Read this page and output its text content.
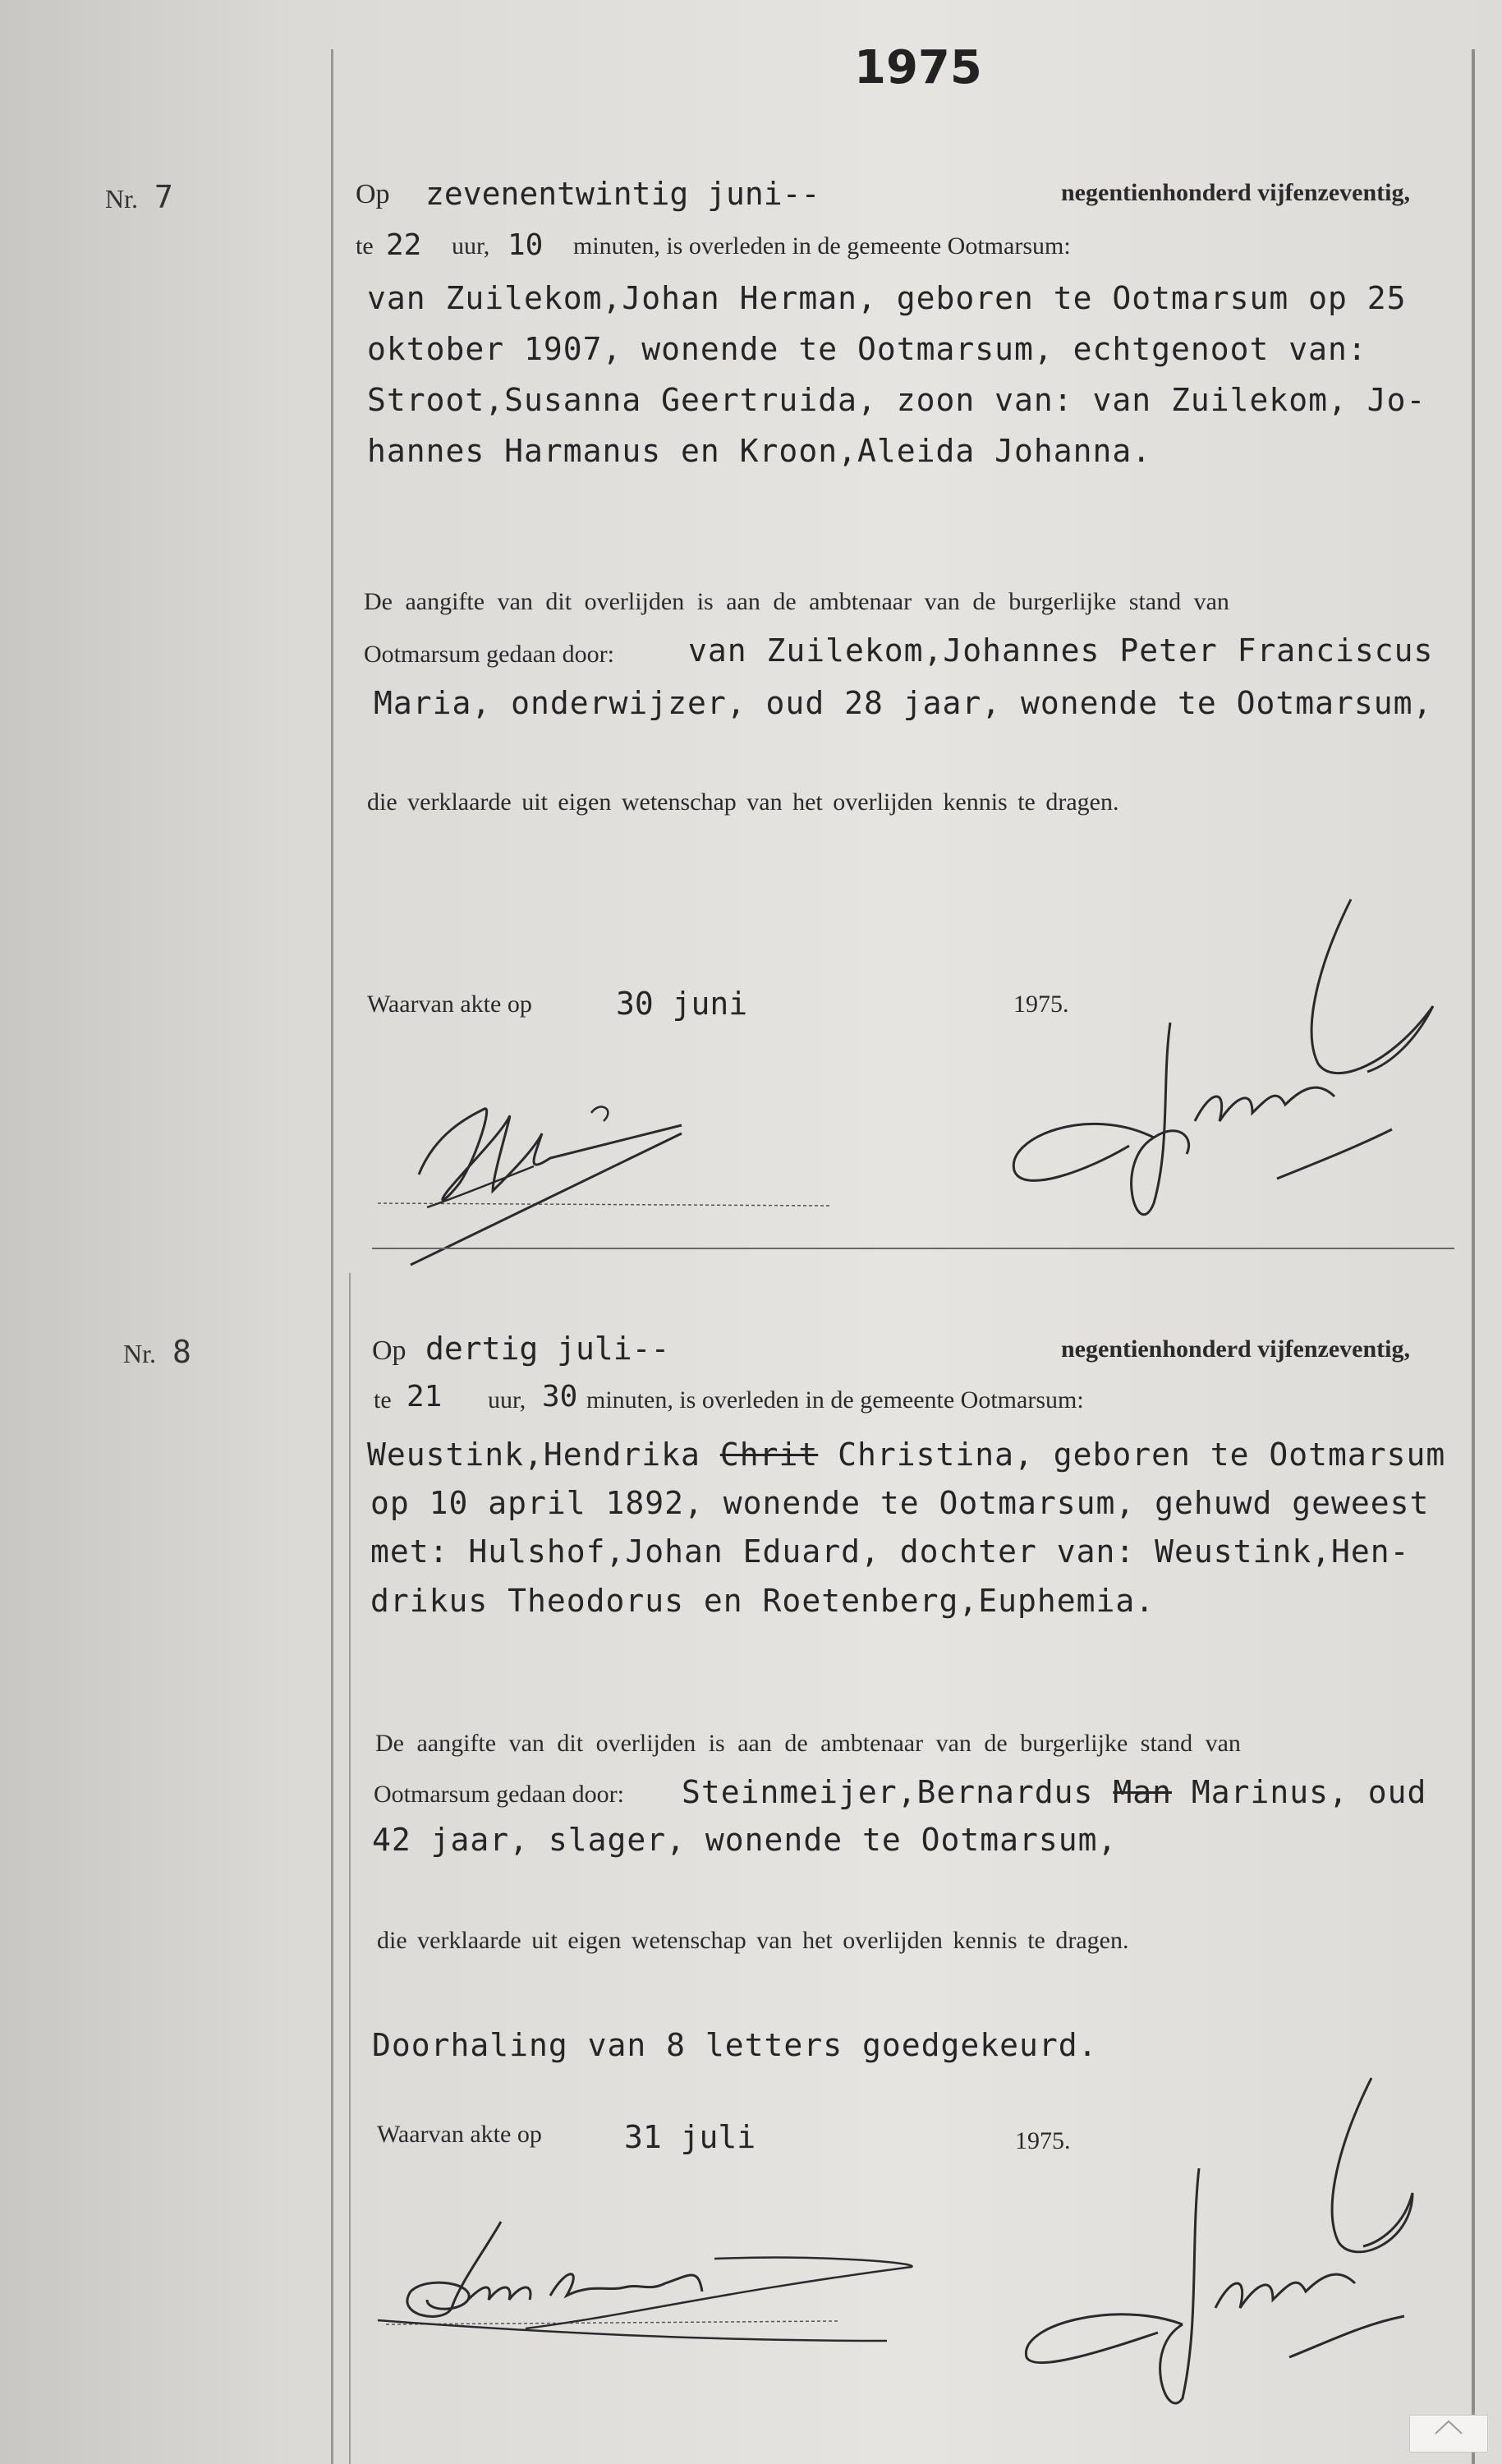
1975
Nr. 7	Op zevenentwintig juni--	negentienhonderd vijfenzeventig,
te 22 uur, 10 minuten, is overleden in de gemeente Ootmarsum:
van Zuilekom,Johan Herman, geboren te Ootmarsum op 25
oktober 1907, wonende te Ootmarsum, echtgenoot van:
Stroot,Susanna Geertruida, zoon van: van Zuilekom, Jo-
hannes Harmanus en Kroon,Aleida Johanna.
De aangifte van dit overlijden is aan de ambtenaar van de burgerlijke stand van
Ootmarsum gedaan door: van Zuilekom,Johannes Peter Franciscus
Maria, onderwijzer, oud 28 jaar, wonende te Ootmarsum,
die verklaarde uit eigen wetenschap van het overlijden kennis te dragen.
Waarvan akte op	30 juni	1975.
Nr. 8	Op dertig juli--	negentienhonderd vijfenzeventig,
te 21 uur, 30 minuten, is overleden in de gemeente Ootmarsum:
Weustink,Hendrika Chrit Christina, geboren te Ootmarsum
op 10 april 1892, wonende te Ootmarsum, gehuwd geweest
met: Hulshof,Johan Eduard, dochter van: Weustink,Hen-
drikus Theodorus en Roetenberg,Euphemia.
De aangifte van dit overlijden is aan de ambtenaar van de burgerlijke stand van
Ootmarsum gedaan door: Steinmeijer,Bernardus Man Marinus, oud
42 jaar, slager, wonende te Ootmarsum,
die verklaarde uit eigen wetenschap van het overlijden kennis te dragen.
Doorhaling van 8 letters goedgekeurd.
Waarvan akte op	31 juli	1975.
